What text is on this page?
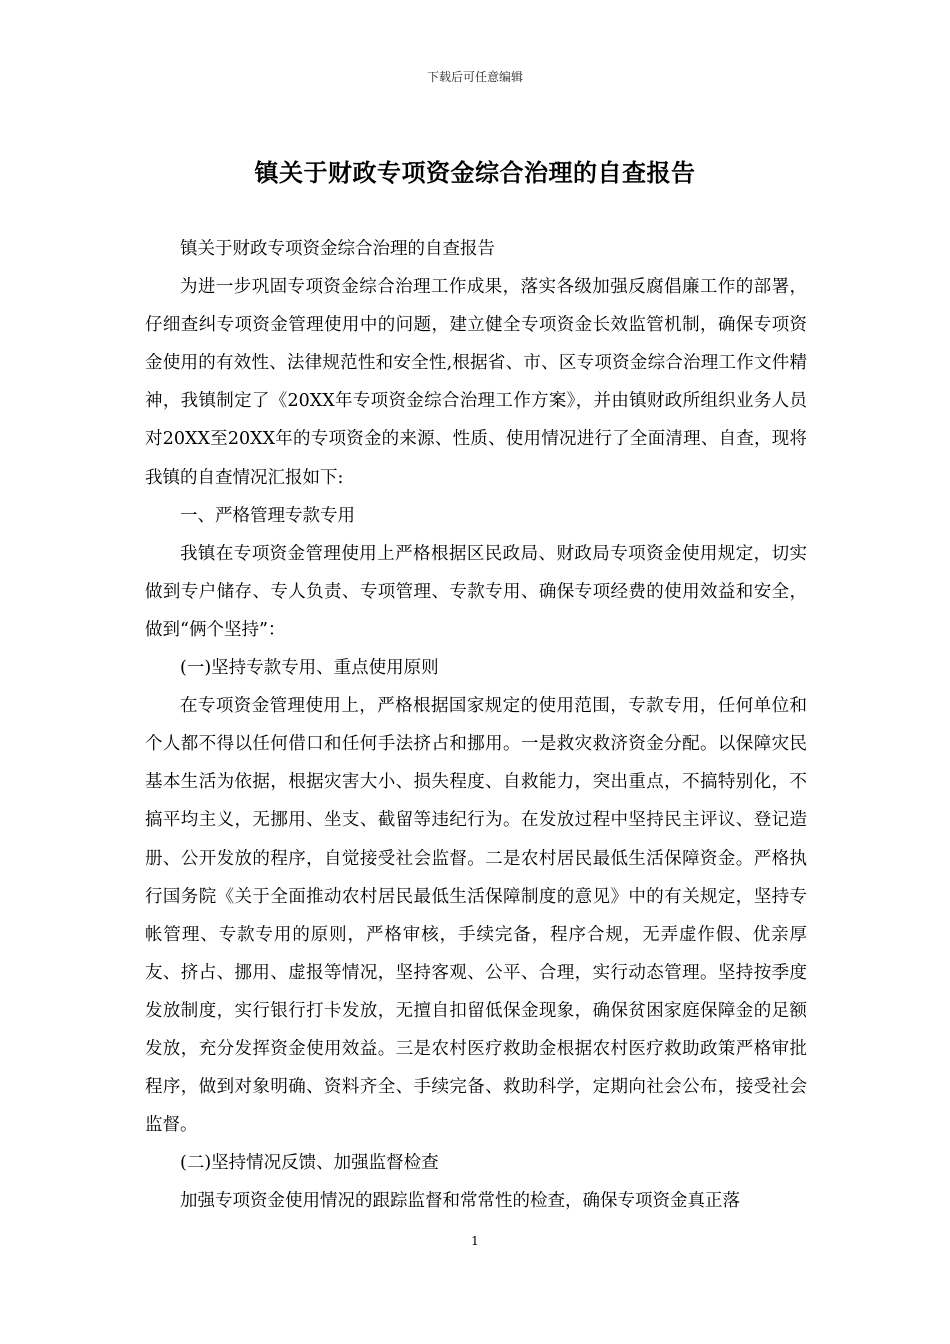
下载后可任意编辑
镇关于财政专项资金综合治理的自查报告

镇关于财政专项资金综合治理的自查报告

为进一步巩固专项资金综合治理工作成果，落实各级加强反腐倡廉工作的部署，仔细查纠专项资金管理使用中的问题，建立健全专项资金长效监管机制，确保专项资金使用的有效性、法律规范性和安全性,根据省、市、区专项资金综合治理工作文件精神，我镇制定了《20XX年专项资金综合治理工作方案》，并由镇财政所组织业务人员对20XX至20XX年的专项资金的来源、性质、使用情况进行了全面清理、自查，现将我镇的自查情况汇报如下:

一、严格管理专款专用

我镇在专项资金管理使用上严格根据区民政局、财政局专项资金使用规定，切实做到专户储存、专人负责、专项管理、专款专用、确保专项经费的使用效益和安全，做到“俩个坚持”：

(一)坚持专款专用、重点使用原则

在专项资金管理使用上，严格根据国家规定的使用范围，专款专用，任何单位和个人都不得以任何借口和任何手法挤占和挪用。一是救灾救济资金分配。以保障灾民基本生活为依据，根据灾害大小、损失程度、自救能力，突出重点，不搞特别化，不搞平均主义，无挪用、坐支、截留等违纪行为。在发放过程中坚持民主评议、登记造册、公开发放的程序，自觉接受社会监督。二是农村居民最低生活保障资金。严格执行国务院《关于全面推动农村居民最低生活保障制度的意见》中的有关规定，坚持专帐管理、专款专用的原则，严格审核，手续完备，程序合规，无弄虚作假、优亲厚友、挤占、挪用、虚报等情况，坚持客观、公平、合理，实行动态管理。坚持按季度发放制度，实行银行打卡发放，无擅自扣留低保金现象，确保贫困家庭保障金的足额发放，充分发挥资金使用效益。三是农村医疗救助金根据农村医疗救助政策严格审批程序，做到对象明确、资料齐全、手续完备、救助科学，定期向社会公布，接受社会监督。

(二)坚持情况反馈、加强监督检查

加强专项资金使用情况的跟踪监督和常常性的检查，确保专项资金真正落

1
